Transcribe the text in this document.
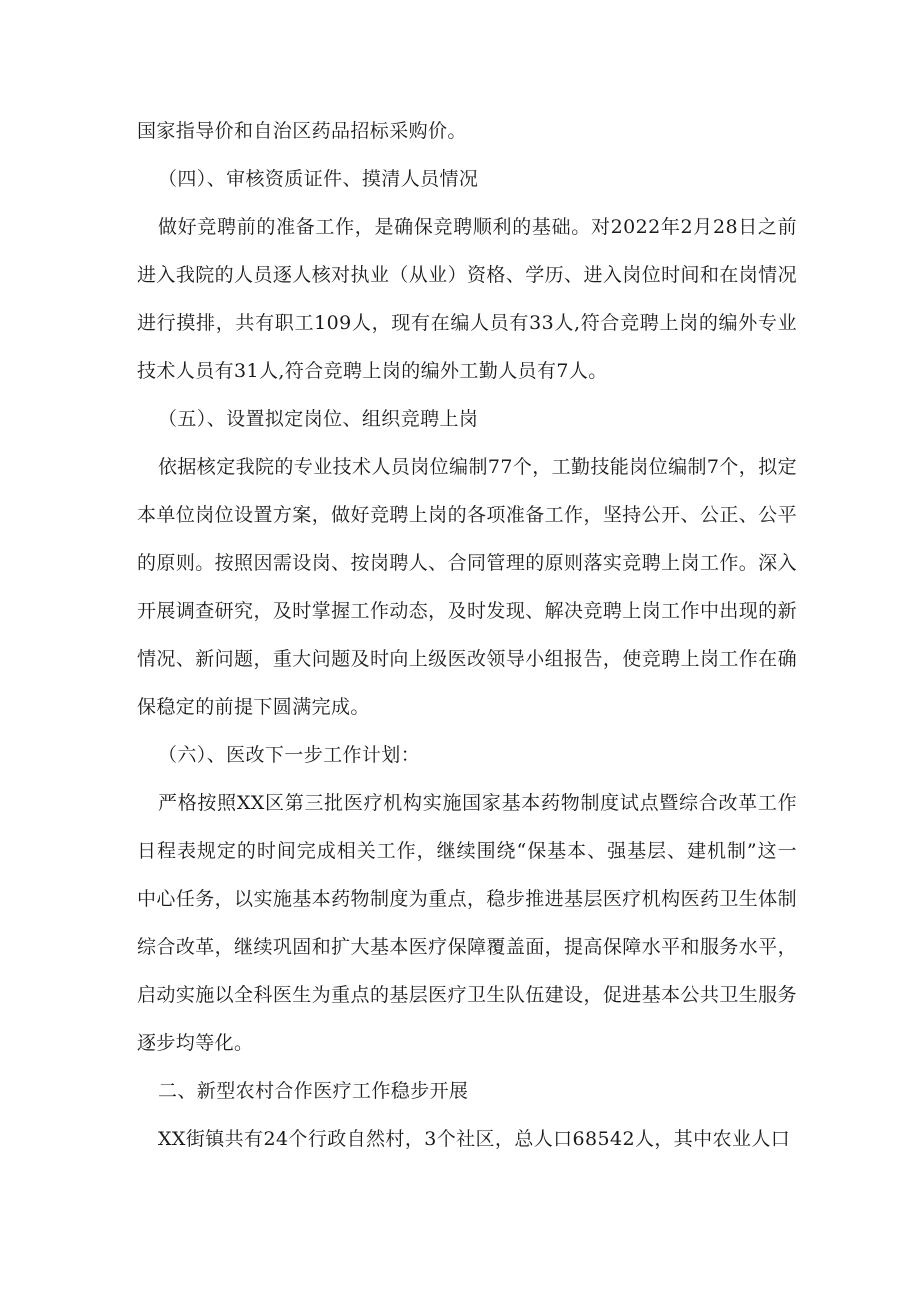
国家指导价和自治区药品招标采购价。

（四）、审核资质证件、摸清人员情况

做好竞聘前的准备工作，是确保竞聘顺利的基础。对2022年2月28日之前进入我院的人员逐人核对执业（从业）资格、学历、进入岗位时间和在岗情况进行摸排，共有职工109人，现有在编人员有33人,符合竞聘上岗的编外专业技术人员有31人,符合竞聘上岗的编外工勤人员有7人。

（五）、设置拟定岗位、组织竞聘上岗

依据核定我院的专业技术人员岗位编制77个，工勤技能岗位编制7个，拟定本单位岗位设置方案，做好竞聘上岗的各项准备工作，坚持公开、公正、公平的原则。按照因需设岗、按岗聘人、合同管理的原则落实竞聘上岗工作。深入开展调查研究，及时掌握工作动态，及时发现、解决竞聘上岗工作中出现的新情况、新问题，重大问题及时向上级医改领导小组报告，使竞聘上岗工作在确保稳定的前提下圆满完成。

（六）、医改下一步工作计划：

严格按照XX区第三批医疗机构实施国家基本药物制度试点暨综合改革工作日程表规定的时间完成相关工作，继续围绕“保基本、强基层、建机制”这一中心任务，以实施基本药物制度为重点，稳步推进基层医疗机构医药卫生体制综合改革，继续巩固和扩大基本医疗保障覆盖面，提高保障水平和服务水平，启动实施以全科医生为重点的基层医疗卫生队伍建设，促进基本公共卫生服务逐步均等化。

二、新型农村合作医疗工作稳步开展

XX街镇共有24个行政自然村，3个社区，总人口68542人，其中农业人口
